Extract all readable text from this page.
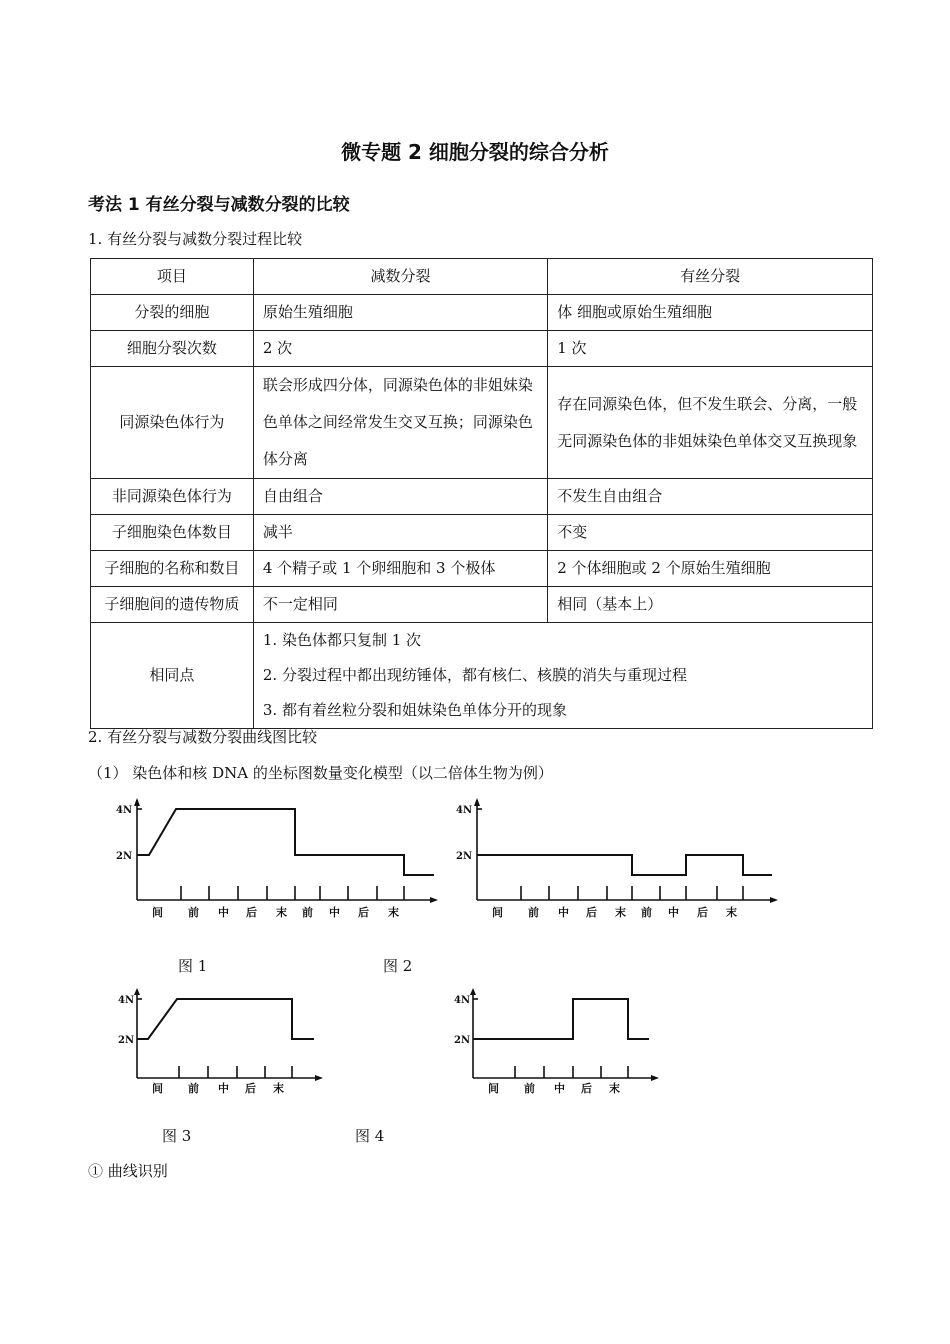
微专题 2 细胞分裂的综合分析
考法 1 有丝分裂与减数分裂的比较
1. 有丝分裂与减数分裂过程比较
项目	减数分裂	有丝分裂
分裂的细胞	原始生殖细胞	体 细胞或原始生殖细胞
细胞分裂次数	2 次	1 次
同源染色体行为	联会形成四分体，同源染色体的非姐妹染色单体之间经常发生交叉互换；同源染色体分离	存在同源染色体，但不发生联会、分离，一般无同源染色体的非姐妹染色单体交叉互换现象
非同源染色体行为	自由组合	不发生自由组合
子细胞染色体数目	减半	不变
子细胞的名称和数目	4 个精子或 1 个卵细胞和 3 个极体	2 个体细胞或 2 个原始生殖细胞
子细胞间的遗传物质	不一定相同	相同（基本上）
相同点	1. 染色体都只复制 1 次
2. 分裂过程中都出现纺锤体，都有核仁、核膜的消失与重现过程
3. 都有着丝粒分裂和姐妹染色单体分开的现象	
2. 有丝分裂与减数分裂曲线图比较
（1） 染色体和核 DNA 的坐标图数量变化模型（以二倍体生物为例）
4N
2N
间 前 中 后 末 前 中 后 末
4N
2N
间 前 中 后 末 前 中 后 末
图 1	图 2
4N
2N
间 前 中 后 末
4N
2N
间 前 中 后 末
图 3	图 4
① 曲线识别
